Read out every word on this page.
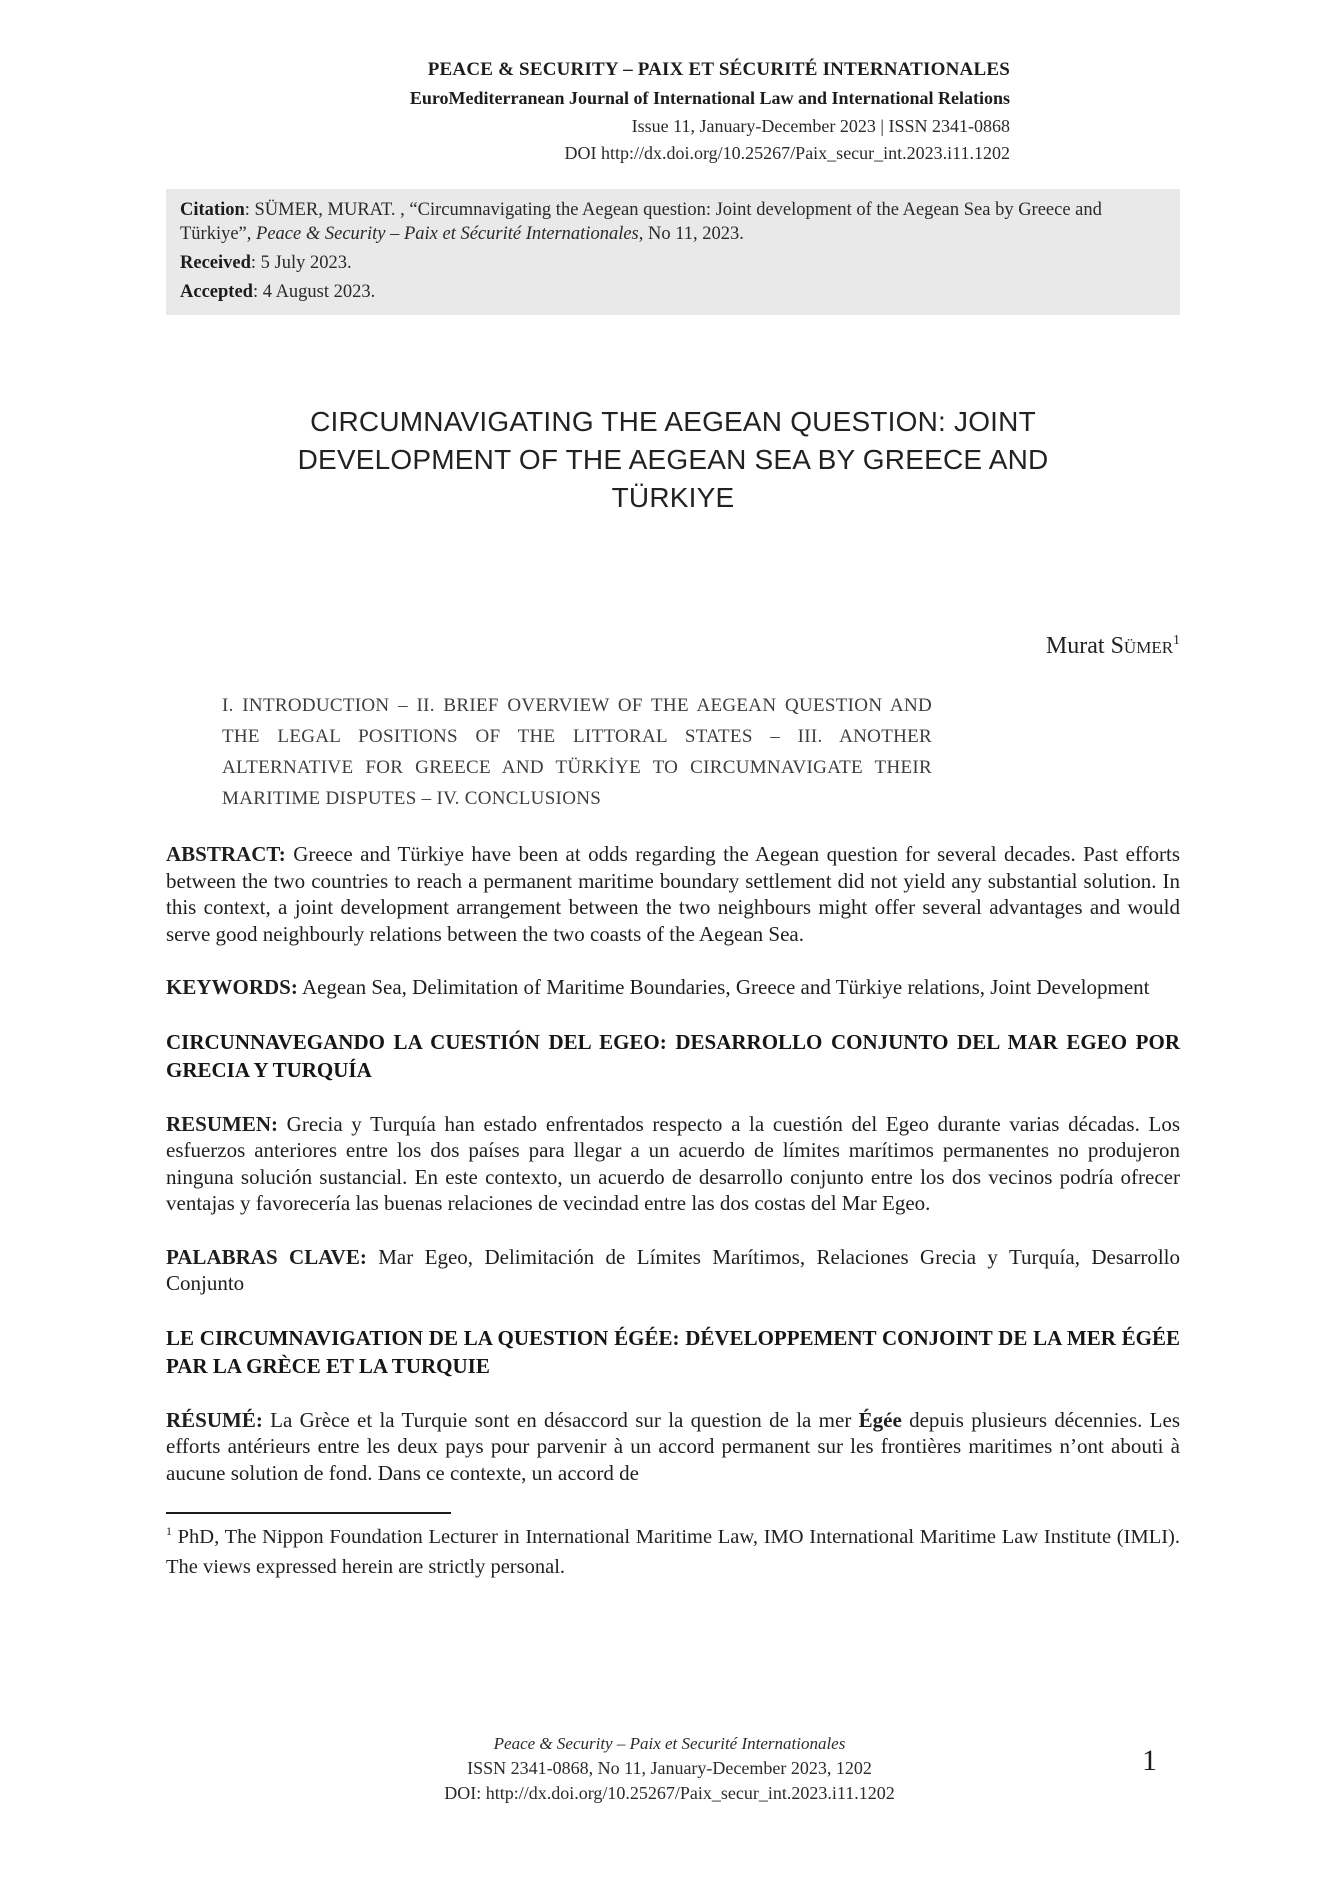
PEACE & SECURITY – PAIX ET SÉCURITÉ INTERNATIONALES
EuroMediterranean Journal of International Law and International Relations
Issue 11, January-December 2023 | ISSN 2341-0868
DOI http://dx.doi.org/10.25267/Paix_secur_int.2023.i11.1202

Citation: SÜMER, MURAT. , “Circumnavigating the Aegean question: Joint development of the Aegean Sea by Greece and Türkiye”, Peace & Security – Paix et Sécurité Internationales, No 11, 2023.

Received: 5 July 2023.

Accepted: 4 August 2023.

CIRCUMNAVIGATING THE AEGEAN QUESTION: JOINT DEVELOPMENT OF THE AEGEAN SEA BY GREECE AND TÜRKIYE
Murat Sümer$^1$
I. INTRODUCTION – II. BRIEF OVERVIEW OF THE AEGEAN QUESTION AND THE LEGAL POSITIONS OF THE LITTORAL STATES – III. ANOTHER ALTERNATIVE FOR GREECE AND TÜRKİYE TO CIRCUMNAVIGATE THEIR MARITIME DISPUTES – IV. CONCLUSIONS

ABSTRACT: Greece and Türkiye have been at odds regarding the Aegean question for several decades. Past efforts between the two countries to reach a permanent maritime boundary settlement did not yield any substantial solution. In this context, a joint development arrangement between the two neighbours might offer several advantages and would serve good neighbourly relations between the two coasts of the Aegean Sea.

KEYWORDS: Aegean Sea, Delimitation of Maritime Boundaries, Greece and Türkiye relations, Joint Development

CIRCUNNAVEGANDO LA CUESTIÓN DEL EGEO: DESARROLLO CONJUNTO DEL MAR EGEO POR GRECIA Y TURQUÍA

RESUMEN: Grecia y Turquía han estado enfrentados respecto a la cuestión del Egeo durante varias décadas. Los esfuerzos anteriores entre los dos países para llegar a un acuerdo de límites marítimos permanentes no produjeron ninguna solución sustancial. En este contexto, un acuerdo de desarrollo conjunto entre los dos vecinos podría ofrecer ventajas y favorecería las buenas relaciones de vecindad entre las dos costas del Mar Egeo.

PALABRAS CLAVE: Mar Egeo, Delimitación de Límites Marítimos, Relaciones Grecia y Turquía, Desarrollo Conjunto

LE CIRCUMNAVIGATION DE LA QUESTION ÉGÉE: DÉVELOPPEMENT CONJOINT DE LA MER ÉGÉE PAR LA GRÈCE ET LA TURQUIE

RÉSUMÉ: La Grèce et la Turquie sont en désaccord sur la question de la mer Égée depuis plusieurs décennies. Les efforts antérieurs entre les deux pays pour parvenir à un accord permanent sur les frontières maritimes n’ont abouti à aucune solution de fond. Dans ce contexte, un accord de

$^1$ PhD, The Nippon Foundation Lecturer in International Maritime Law, IMO International Maritime Law Institute (IMLI). The views expressed herein are strictly personal.

Peace & Security – Paix et Securité Internationales
ISSN 2341-0868, No 11, January-December 2023, 1202
DOI: http://dx.doi.org/10.25267/Paix_secur_int.2023.i11.1202
1
